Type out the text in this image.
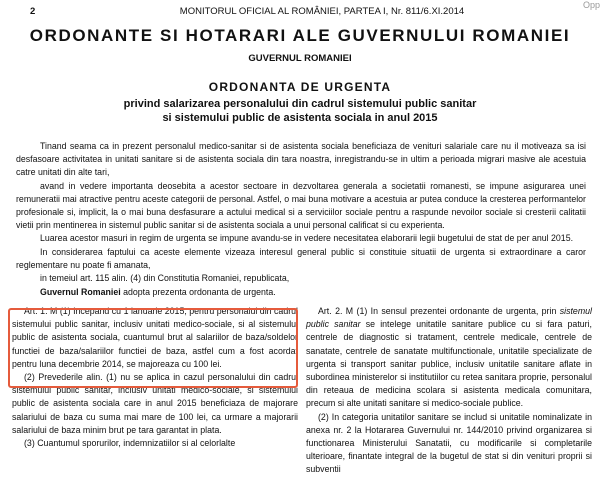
2	MONITORUL OFICIAL AL ROMÂNIEI, PARTEA I, Nr. 811/6.XI.2014
Opp
ORDONANTE SI HOTARARI ALE GUVERNULUI ROMANIEI
GUVERNUL ROMANIEI
ORDONANTA DE URGENTA
privind salarizarea personalului din cadrul sistemului public sanitar
si sistemului public de asistenta sociala in anul 2015

Tinand seama ca in prezent personalul medico-sanitar si de asistenta sociala beneficiaza de venituri salariale care nu il motiveaza sa isi desfasoare activitatea in unitati sanitare si de asistenta sociala din tara noastra, inregistrandu-se in ultim a perioada migrari masive ale acestuia catre unitati din alte tari,

avand in vedere importanta deosebita a acestor sectoare in dezvoltarea generala a societatii romanesti, se impune asigurarea unei remuneratii mai atractive pentru aceste categorii de personal. Astfel, o mai buna motivare a acestuia ar putea conduce la cresterea performantelor profesionale si, implicit, la o mai buna desfasurare a actului medical si a serviciilor sociale pentru a raspunde nevoilor sociale si cresterii calitatii vietii prin mentinerea in sistemul public sanitar si de asistenta sociala a unui personal calificat si cu experienta.

Luarea acestor masuri in regim de urgenta se impune avandu-se in vedere necesitatea elaborarii legii bugetului de stat de per anul 2015.

In considerarea faptului ca aceste elemente vizeaza interesul general public si constituie situatii de urgenta si extraordinare a caror reglementare nu poate fi amanata,

in temeiul art. 115 alin. (4) din Constitutia Romaniei, republicata,

Guvernul Romaniei adopta prezenta ordonanta de urgenta.

Art. 1. M (1) Incepand cu 1 ianuarie 2015, pentru personalul din cadrul sistemului public sanitar, inclusiv unitati medico-sociale, si al sistemului public de asistenta sociala, cuantumul brut al salariilor de baza/soldelor functiei de baza/salariilor functiei de baza, astfel cum a fost acordat pentru luna decembrie 2014, se majoreaza cu 100 lei.

(2) Prevederile alin. (1) nu se aplica in cazul personalului din cadrul sistemului public sanitar, inclusiv unitati medico-sociale, si sistemului public de asistenta sociala care in anul 2015 beneficiaza de majorare salariului de baza cu suma mai mare de 100 lei, ca urmare a majorarii salariului de baza minim brut pe tara garantat in plata.

(3) Cuantumul sporurilor, indemnizatiilor si al celorlalte

Art. 2. M (1) In sensul prezentei ordonante de urgenta, prin sistemul public sanitar se intelege unitatile sanitare publice cu si fara paturi, centrele de diagnostic si tratament, centrele medicale, centrele de sanatate, centrele de sanatate multifunctionale, unitatile specializate de urgenta si transport sanitar publice, inclusiv unitatile sanitare aflate in subordinea ministerelor si institutiilor cu retea sanitara proprie, personalul din reteaua de medicina scolara si asistenta medicala comunitara, precum si alte unitati sanitare si medico-sociale publice.

(2) In categoria unitatilor sanitare se includ si unitatile nominalizate in anexa nr. 2 la Hotararea Guvernului nr. 144/2010 privind organizarea si functionarea Ministerului Sanatatii, cu modificarile si completarile ulterioare, finantate integral de la bugetul de stat si din venituri proprii si subventii
